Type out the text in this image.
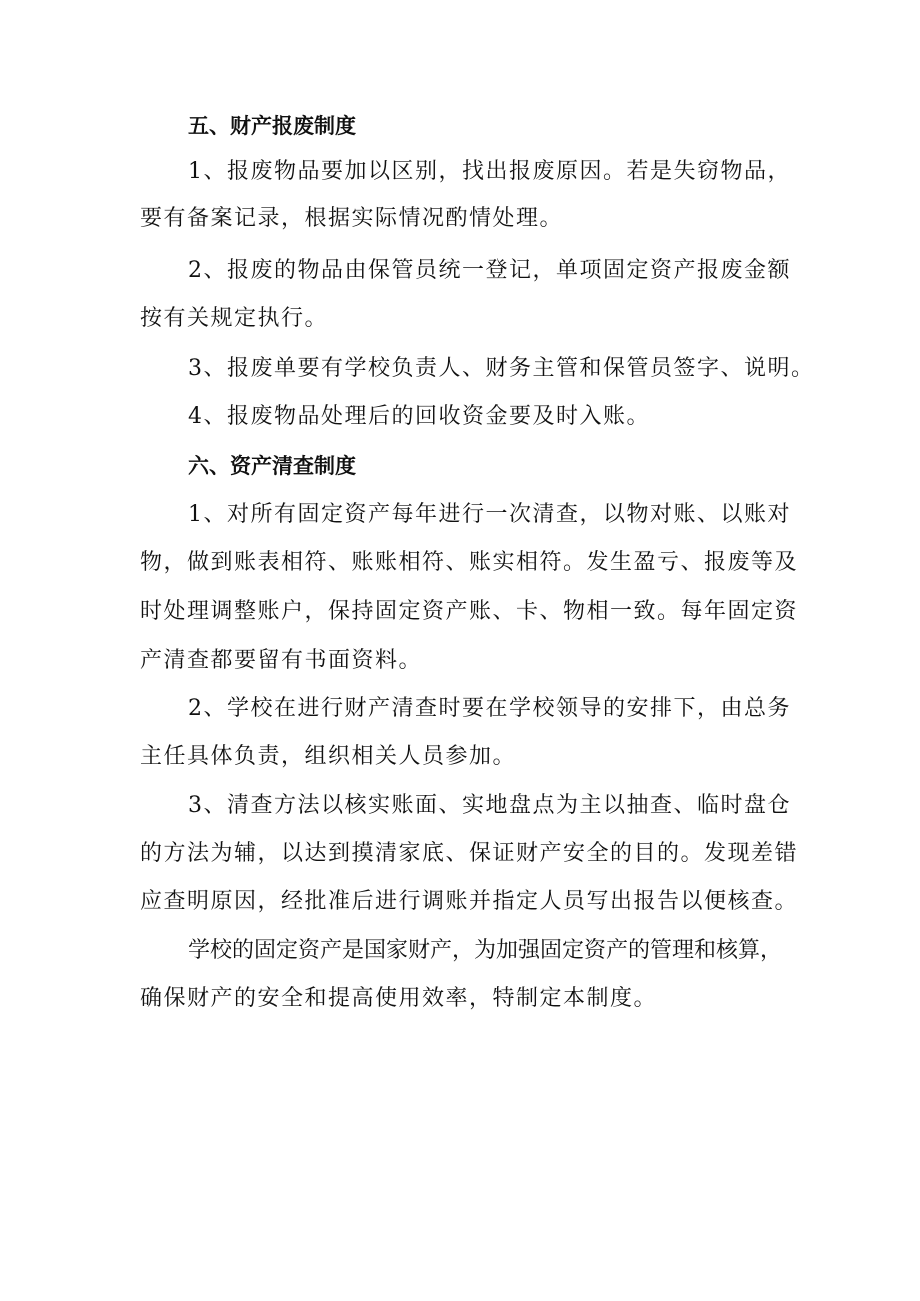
五、财产报废制度
1、报废物品要加以区别，找出报废原因。若是失窃物品，
要有备案记录，根据实际情况酌情处理。
2、报废的物品由保管员统一登记，单项固定资产报废金额
按有关规定执行。
3、报废单要有学校负责人、财务主管和保管员签字、说明。
4、报废物品处理后的回收资金要及时入账。
六、资产清查制度
1、对所有固定资产每年进行一次清查，以物对账、以账对
物，做到账表相符、账账相符、账实相符。发生盈亏、报废等及
时处理调整账户，保持固定资产账、卡、物相一致。每年固定资
产清查都要留有书面资料。
2、学校在进行财产清查时要在学校领导的安排下，由总务
主任具体负责，组织相关人员参加。
3、清查方法以核实账面、实地盘点为主以抽查、临时盘仓
的方法为辅，以达到摸清家底、保证财产安全的目的。发现差错
应查明原因，经批准后进行调账并指定人员写出报告以便核查。
学校的固定资产是国家财产，为加强固定资产的管理和核算，
确保财产的安全和提高使用效率，特制定本制度。
